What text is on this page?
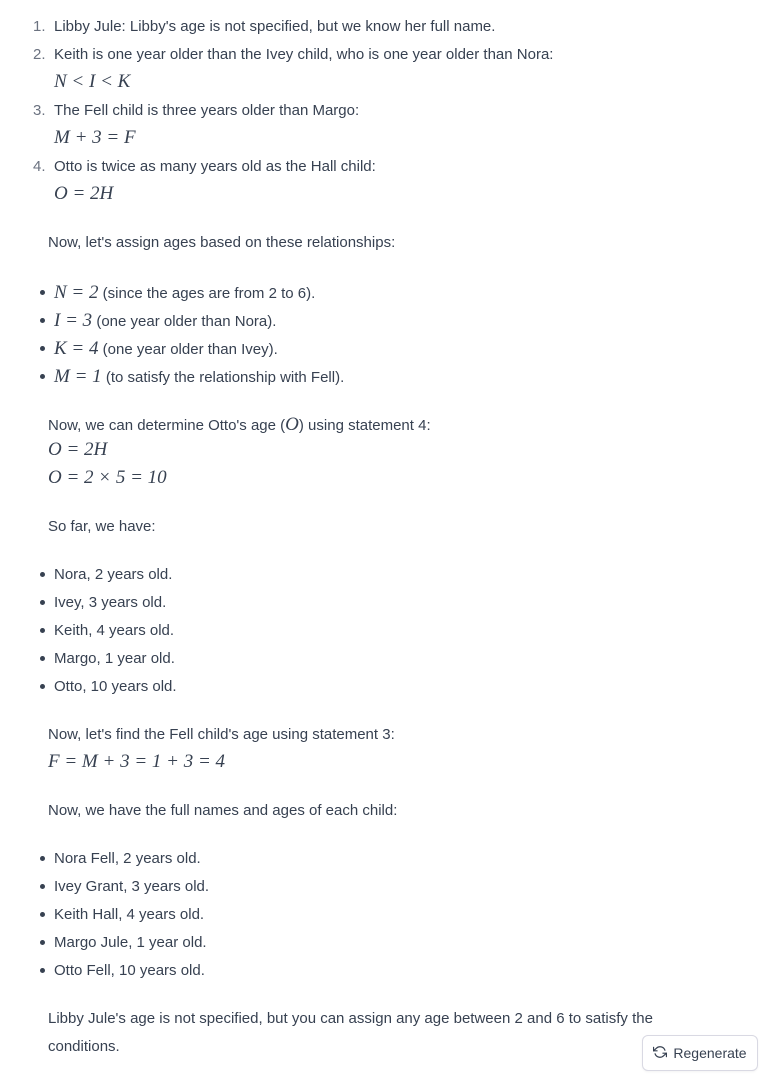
1. Libby Jule: Libby's age is not specified, but we know her full name.
2. Keith is one year older than the Ivey child, who is one year older than Nora:
N < I < K
3. The Fell child is three years older than Margo:
M + 3 = F
4. Otto is twice as many years old as the Hall child:
O = 2H
Now, let's assign ages based on these relationships:
N = 2 (since the ages are from 2 to 6).
I = 3 (one year older than Nora).
K = 4 (one year older than Ivey).
M = 1 (to satisfy the relationship with Fell).
Now, we can determine Otto's age (O) using statement 4:
O = 2H
O = 2 × 5 = 10
So far, we have:
Nora, 2 years old.
Ivey, 3 years old.
Keith, 4 years old.
Margo, 1 year old.
Otto, 10 years old.
Now, let's find the Fell child's age using statement 3:
F = M + 3 = 1 + 3 = 4
Now, we have the full names and ages of each child:
Nora Fell, 2 years old.
Ivey Grant, 3 years old.
Keith Hall, 4 years old.
Margo Jule, 1 year old.
Otto Fell, 10 years old.
Libby Jule's age is not specified, but you can assign any age between 2 and 6 to satisfy the
conditions.	Regenerate
